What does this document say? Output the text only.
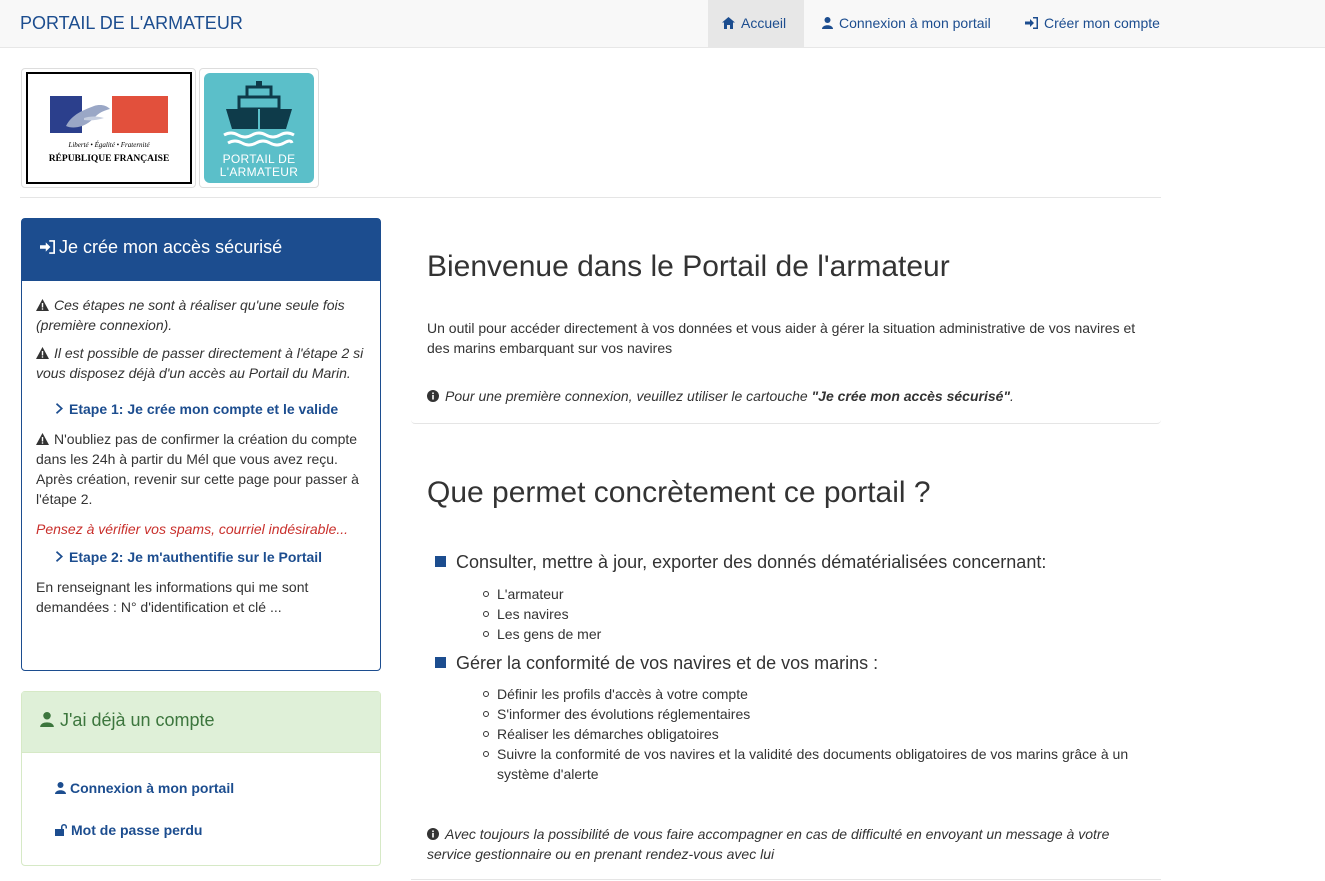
PORTAIL DE L'ARMATEUR	Accueil	Connexion à mon portail	Créer mon compte
Liberté • Égalité • Fraternité
RÉPUBLIQUE FRANÇAISE	PORTAIL DE
L'ARMATEUR
Je crée mon accès sécurisé

Ces étapes ne sont à réaliser qu'une seule fois (première connexion).

Il est possible de passer directement à l'étape 2 si vous disposez déjà d'un accès au Portail du Marin.

Etape 1: Je crée mon compte et le valide

N'oubliez pas de confirmer la création du compte dans les 24h à partir du Mél que vous avez reçu. Après création, revenir sur cette page pour passer à l'étape 2.

Pensez à vérifier vos spams, courriel indésirable...

Etape 2: Je m'authentifie sur le Portail

En renseignant les informations qui me sont demandées : N° d'identification et clé ...

J'ai déjà un compte
Connexion à mon portail
Mot de passe perdu
Bienvenue dans le Portail de l'armateur

Un outil pour accéder directement à vos données et vous aider à gérer la situation administrative de vos navires et des marins embarquant sur vos navires

Pour une première connexion, veuillez utiliser le cartouche "Je crée mon accès sécurisé".

Que permet concrètement ce portail ?
Consulter, mettre à jour, exporter des donnés dématérialisées concernant:
L'armateur
Les navires
Les gens de mer
Gérer la conformité de vos navires et de vos marins :
Définir les profils d'accès à votre compte
S'informer des évolutions réglementaires
Réaliser les démarches obligatoires
Suivre la conformité de vos navires et la validité des documents obligatoires de vos marins grâce à un système d'alerte

Avec toujours la possibilité de vous faire accompagner en cas de difficulté en envoyant un message à votre service gestionnaire ou en prenant rendez-vous avec lui
